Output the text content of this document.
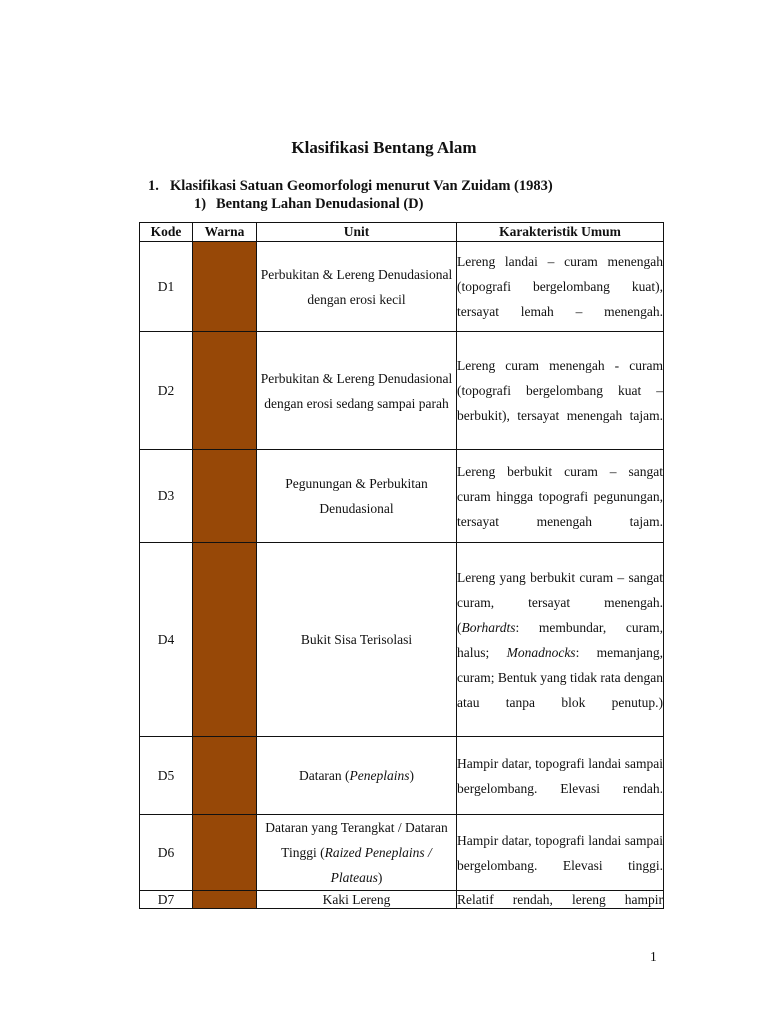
Klasifikasi Bentang Alam
1. Klasifikasi Satuan Geomorfologi menurut Van Zuidam (1983)
1) Bentang Lahan Denudasional (D)
Kode	Warna	Unit	Karakteristik Umum
D1		Perbukitan & Lereng Denudasional dengan erosi kecil	Lereng landai – curam menengah (topografi bergelombang kuat), tersayat lemah – menengah.
D2		Perbukitan & Lereng Denudasional dengan erosi sedang sampai parah	Lereng curam menengah - curam (topografi bergelombang kuat – berbukit), tersayat menengah tajam.
D3		Pegunungan & Perbukitan Denudasional	Lereng berbukit curam – sangat curam hingga topografi pegunungan, tersayat menengah tajam.
D4		Bukit Sisa Terisolasi	Lereng yang berbukit curam – sangat curam, tersayat menengah. (Borhardts: membundar, curam, halus; Monadnocks: memanjang, curam; Bentuk yang tidak rata dengan atau tanpa blok penutup.)
D5		Dataran (Peneplains)	Hampir datar, topografi landai sampai bergelombang. Elevasi rendah.
D6		Dataran yang Terangkat / Dataran Tinggi (Raized Peneplains / Plateaus)	Hampir datar, topografi landai sampai bergelombang. Elevasi tinggi.
D7		Kaki Lereng	Relatif rendah, lereng hampir
1
